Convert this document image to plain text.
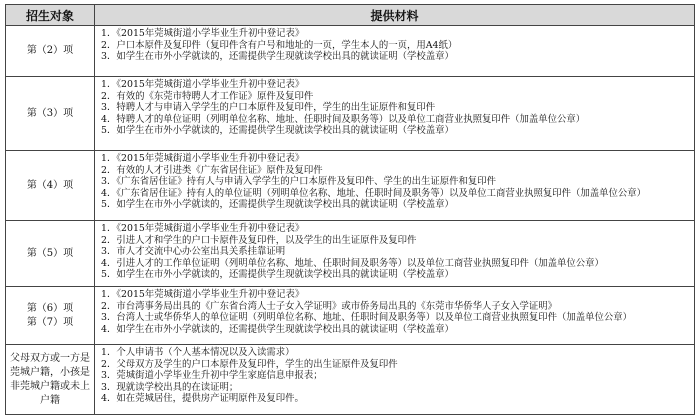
招生对象	提供材料
第（2）项	1．《2015年莞城街道小学毕业生升初中登记表》
2．户口本原件及复印件（复印件含有户号和地址的一页，学生本人的一页，用A4纸）
3．如学生在市外小学就读的，还需提供学生现就读学校出具的就读证明（学校盖章）

第（3）项	1．《2015年莞城街道小学毕业生升初中登记表》
2．有效的《东莞市特聘人才工作证》原件及复印件
3．特聘人才与申请入学学生的户口本原件及复印件，学生的出生证原件和复印件
4．特聘人才的单位证明（列明单位名称、地址、任职时间及职务等）以及单位工商营业执照复印件（加盖单位公章）
5．如学生在市外小学就读的，还需提供学生现就读学校出具的就读证明（学校盖章）

第（4）项	1．《2015年莞城街道小学毕业生升初中登记表》
2．有效的人才引进类《广东省居住证》原件及复印件
3．《广东省居住证》持有人与申请入学学生的户口本原件及复印件、学生的出生证原件和复印件
4．《广东省居住证》持有人的单位证明（列明单位名称、地址、任职时间及职务等）以及单位工商营业执照复印件（加盖单位公章）
5．如学生在市外小学就读的，还需提供学生现就读学校出具的就读证明（学校盖章）

第（5）项	1．《2015年莞城街道小学毕业生升初中登记表》
2．引进人才和学生的户口卡原件及复印件，以及学生的出生证原件及复印件
3．市人才交流中心办公室出具关系挂靠证明
4．引进人才的工作单位证明（列明单位名称、地址、任职时间及职务等）以及单位工商营业执照复印件（加盖单位公章）
5．如学生在市外小学就读的，还需提供学生现就读学校出具的就读证明（学校盖章）

第（6）项
第（7）项	1．《2015年莞城街道小学毕业生升初中登记表》
2．市台湾事务局出具的《广东省台湾人士子女入学证明》或市侨务局出具的《东莞市华侨华人子女入学证明》
3．台湾人士或华侨华人的单位证明（列明单位名称、地址、任职时间及职务等）以及单位工商营业执照复印件（加盖单位公章）
4．如学生在市外小学就读的，还需提供学生现就读学校出具的就读证明（学校盖章）

父母双方或一方是
莞城户籍，小孩是
非莞城户籍或未上
户籍	1．个人申请书（个人基本情况以及入读需求）
2．父母双方及学生的户口本原件及复印件，学生的出生证原件及复印件
3．莞城街道小学毕业生升初中学生家庭信息申报表；
3．现就读学校出具的在读证明；
4．如在莞城居住，提供房产证明原件及复印件。
